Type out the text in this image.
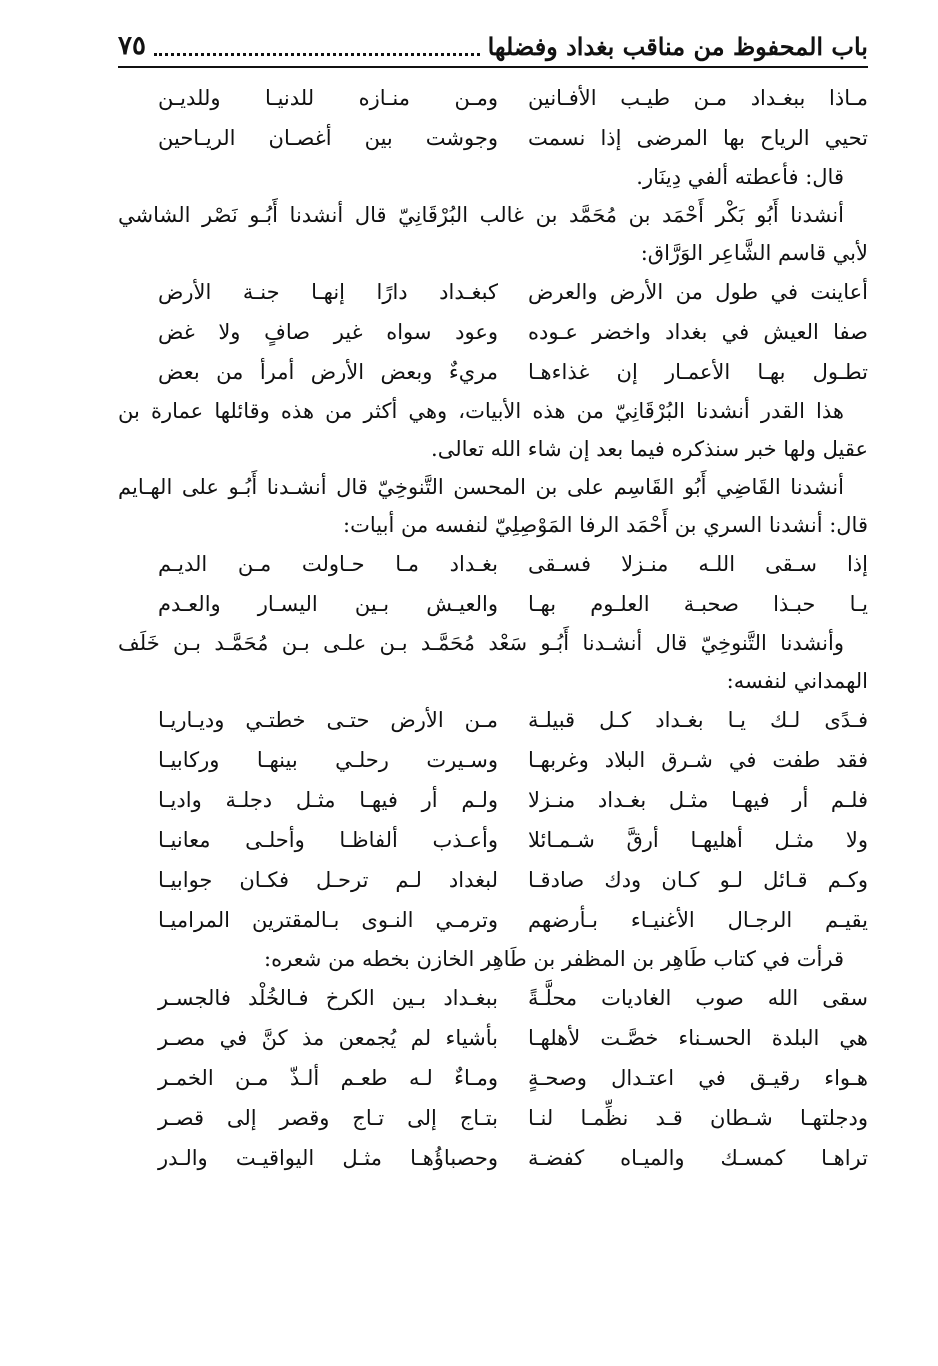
باب المحفوظ من مناقب بغداد وفضلها
٧٥
مـاذا ببغـداد مـن طيـب الأفـانين
ومـن منـازه للدنيـا وللديـن
تحيي الرياح بها المرضى إذا نسمت
وجوشت بين أغصـان الريـاحين
قال: فأعطته ألفي دِينَار.
أنشدنا أَبُو بَكْر أَحْمَد بن مُحَمَّد بن غالب البُرْقَانِيّ قال أنشدنا أَبُـو نَصْر الشاشي
لأبي قاسم الشَّاعِر الوَرَّاق:
أعاينت في طول من الأرض والعرض
كبغـداد دارًا إنهـا جنـة الأرض
صفا العيش في بغداد واخضر عـوده
وعود سواه غير صافٍ ولا غض
تطـول بهـا الأعمـار إن غذاءهـا
مريءٌ وبعض الأرض أمرأ من بعض
هذا القدر أنشدنا البُرْقَانِيّ من هذه الأبيات، وهي أكثر من هذه وقائلها عمارة بن
عقيل ولها خبر سنذكره فيما بعد إن شاء الله تعالى.
أنشدنا القَاضِي أَبُو القَاسِم على بن المحسن التَّنوخِيّ قال أنشـدنا أَبُـو على الهـايم
قال: أنشدنا السري بن أَحْمَد الرفا المَوْصِلِيّ لنفسه من أبيات:
إذا سـقى اللـه منـزلا فسـقى
بغـداد مـا حـاولت مـن الديـم
يـا حبـذا صحبـة العلـوم بهـا
والعيـش بـين اليسـار والعـدم
وأنشدنا التَّنوخِيّ قال أنشـدنا أَبُـو سَعْد مُحَمَّـد بـن علـى بـن مُحَمَّـد بـن خَلَف
الهمداني لنفسه:
فـدًى لـك يـا بغـداد كـل قبيلـة
مـن الأرض حتـى خطتـي وديـاريـا
فقد طفت في شـرق البلاد وغربهـا
وسـيرت رحلـي بينهـا وركابيـا
فلـم أر فيهـا مثـل بغـداد منـزلا
ولـم أر فيهـا مثـل دجلـة واديـا
ولا مثـل أهليهـا أرقَّ شـمـائلا
وأعـذب ألفاظـا وأحلـى معانيـا
وكـم قـائل لـو كـان ودك صادقـا
لبغداد لـم ترحـل فكـان جوابيـا
يقيـم الرجـال الأغنيـاء بـأرضهم
وترمـي النـوى بـالمقترين المراميـا
قرأت في كتاب طَاهِر بن المظفر بن طَاهِر الخازن بخطه من شعره:
سقى الله صوب الغاديات محلَّـةً
ببغـداد بـين الكرخ فـالخُلْد فالجسـر
هي البلدة الحسـناء خصَّـت لأهلهـا
بأشياء لم يُجمعن مذ كنَّ في مصـر
هـواء رقيـق في اعتـدال وصحـةٍ
ومـاءٌ لـه طعـم ألـذّ مـن الخمـر
ودجلتهـا شـطان قـد نظِّمـا لنـا
بتـاج إلى تـاج وقصر إلى قصـر
تراهـا كمسـك والميـاه كفضـة
وحصباؤُهـا مثـل اليواقيـت والـدر
